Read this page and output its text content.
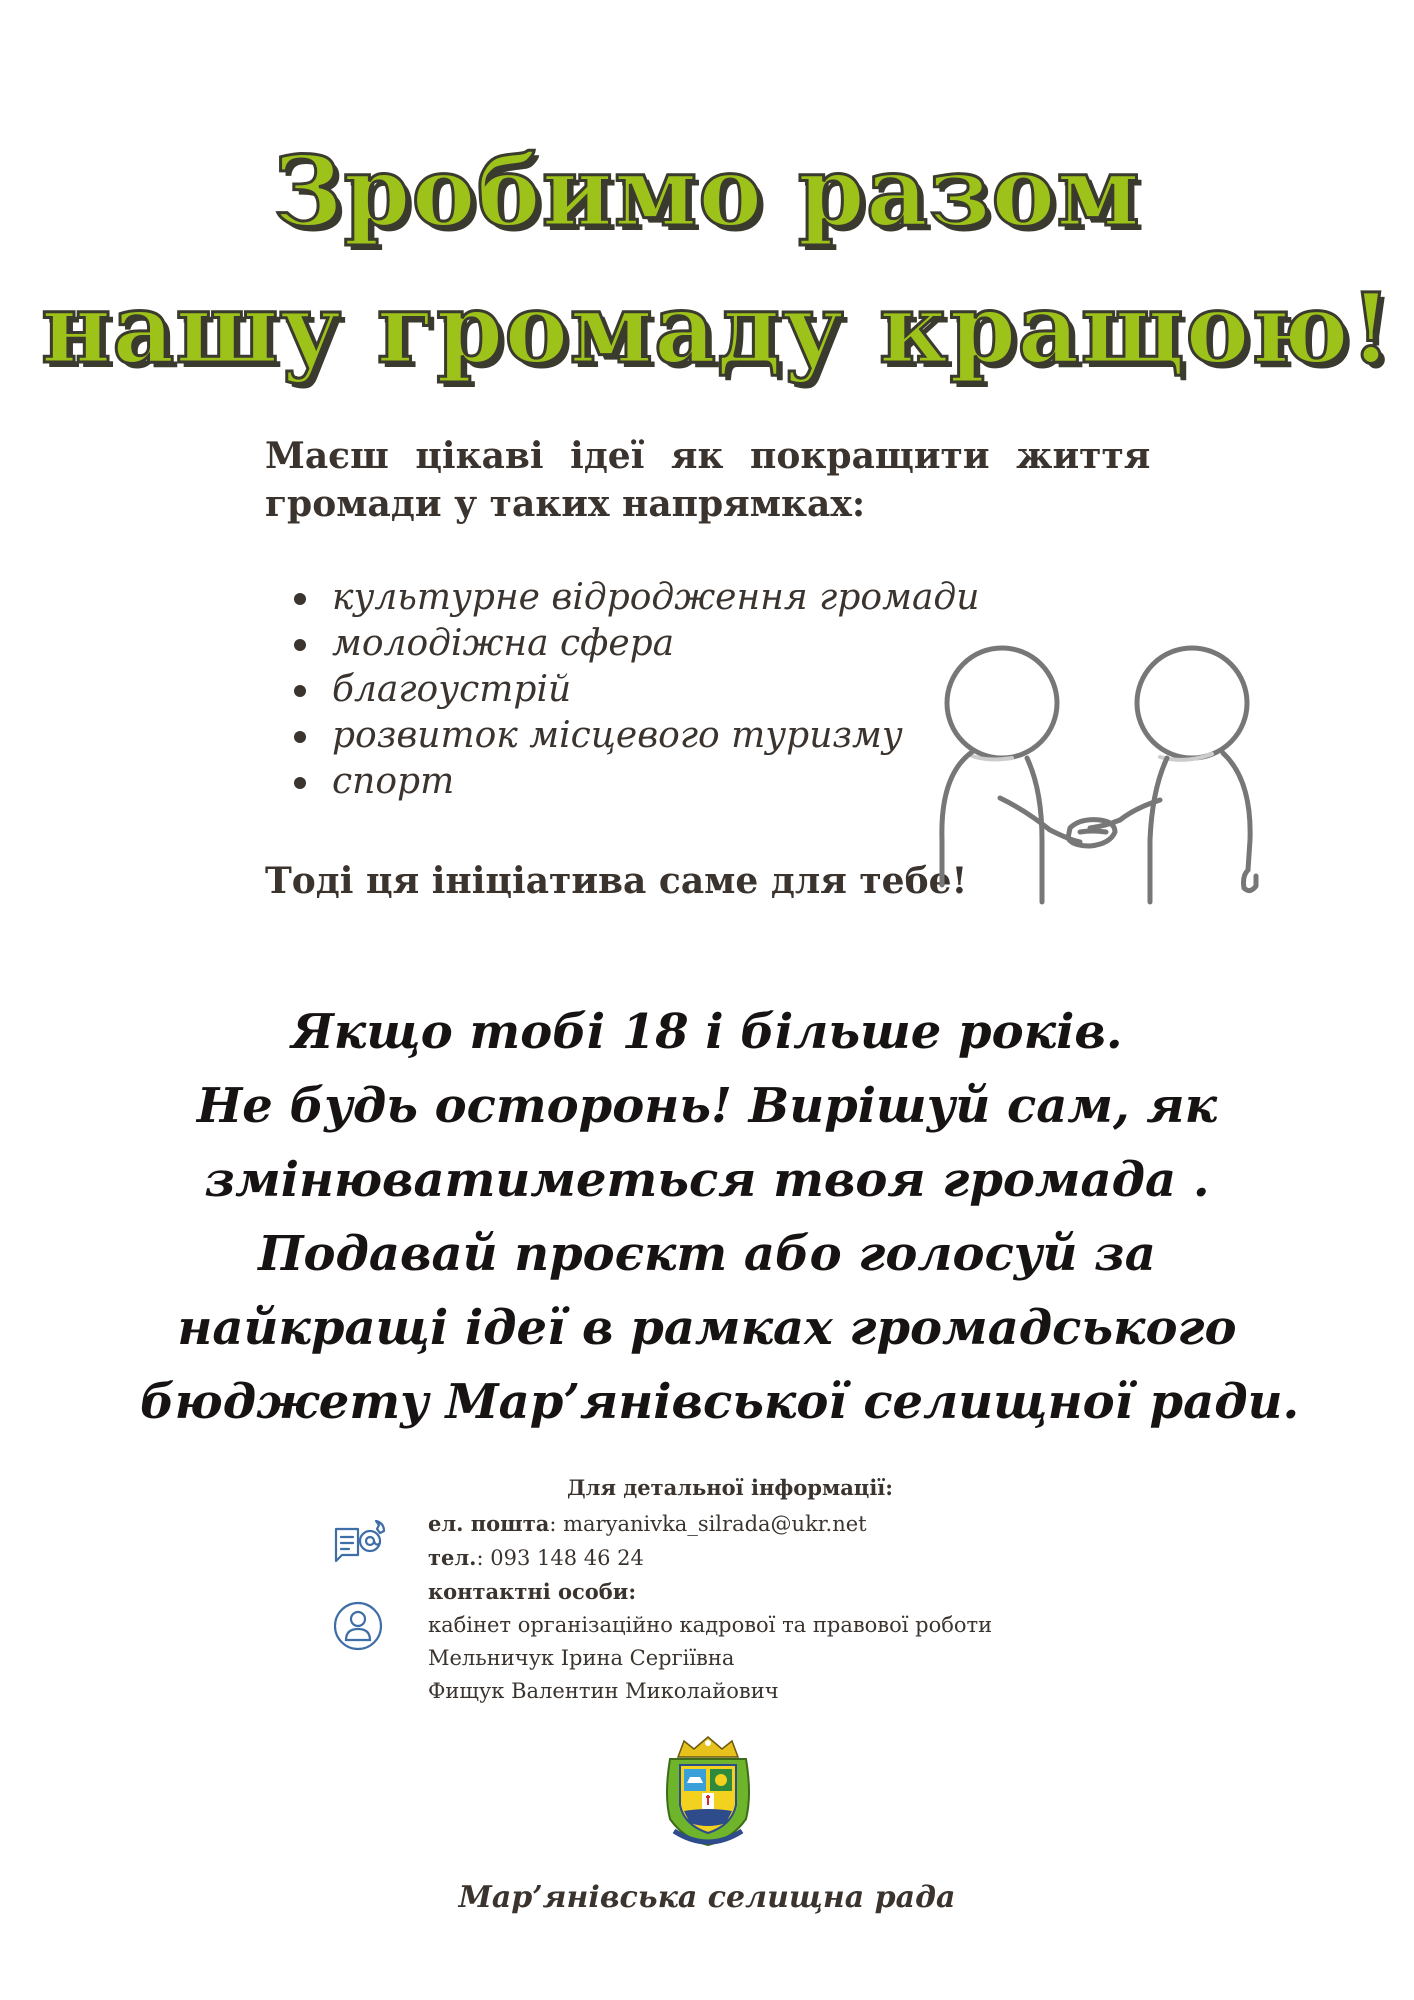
Зробимо разом
нашу громаду кращою!
Маєш цікаві ідеї як покращити життя
громади у таких напрямках:
культурне відродження громади
молодіжна сфера
благоустрій
розвиток місцевого туризму
спорт
Тоді ця ініціатива саме для тебе!
Якщо тобі 18 і більше років.
Не будь осторонь! Вирішуй сам, як
змінюватиметься твоя громада .
Подавай проєкт або голосуй за
найкращі ідеї в рамках громадського
бюджету Мар’янівської селищної ради.
Для детальної інформації:
ел. пошта: maryanivka_silrada@ukr.net
тел.: 093 148 46 24
контактні особи:
кабінет організаційно кадрової та правової роботи
Мельничук Ірина Сергіївна
Фищук Валентин Миколайович
Мар’янівська селищна рада
